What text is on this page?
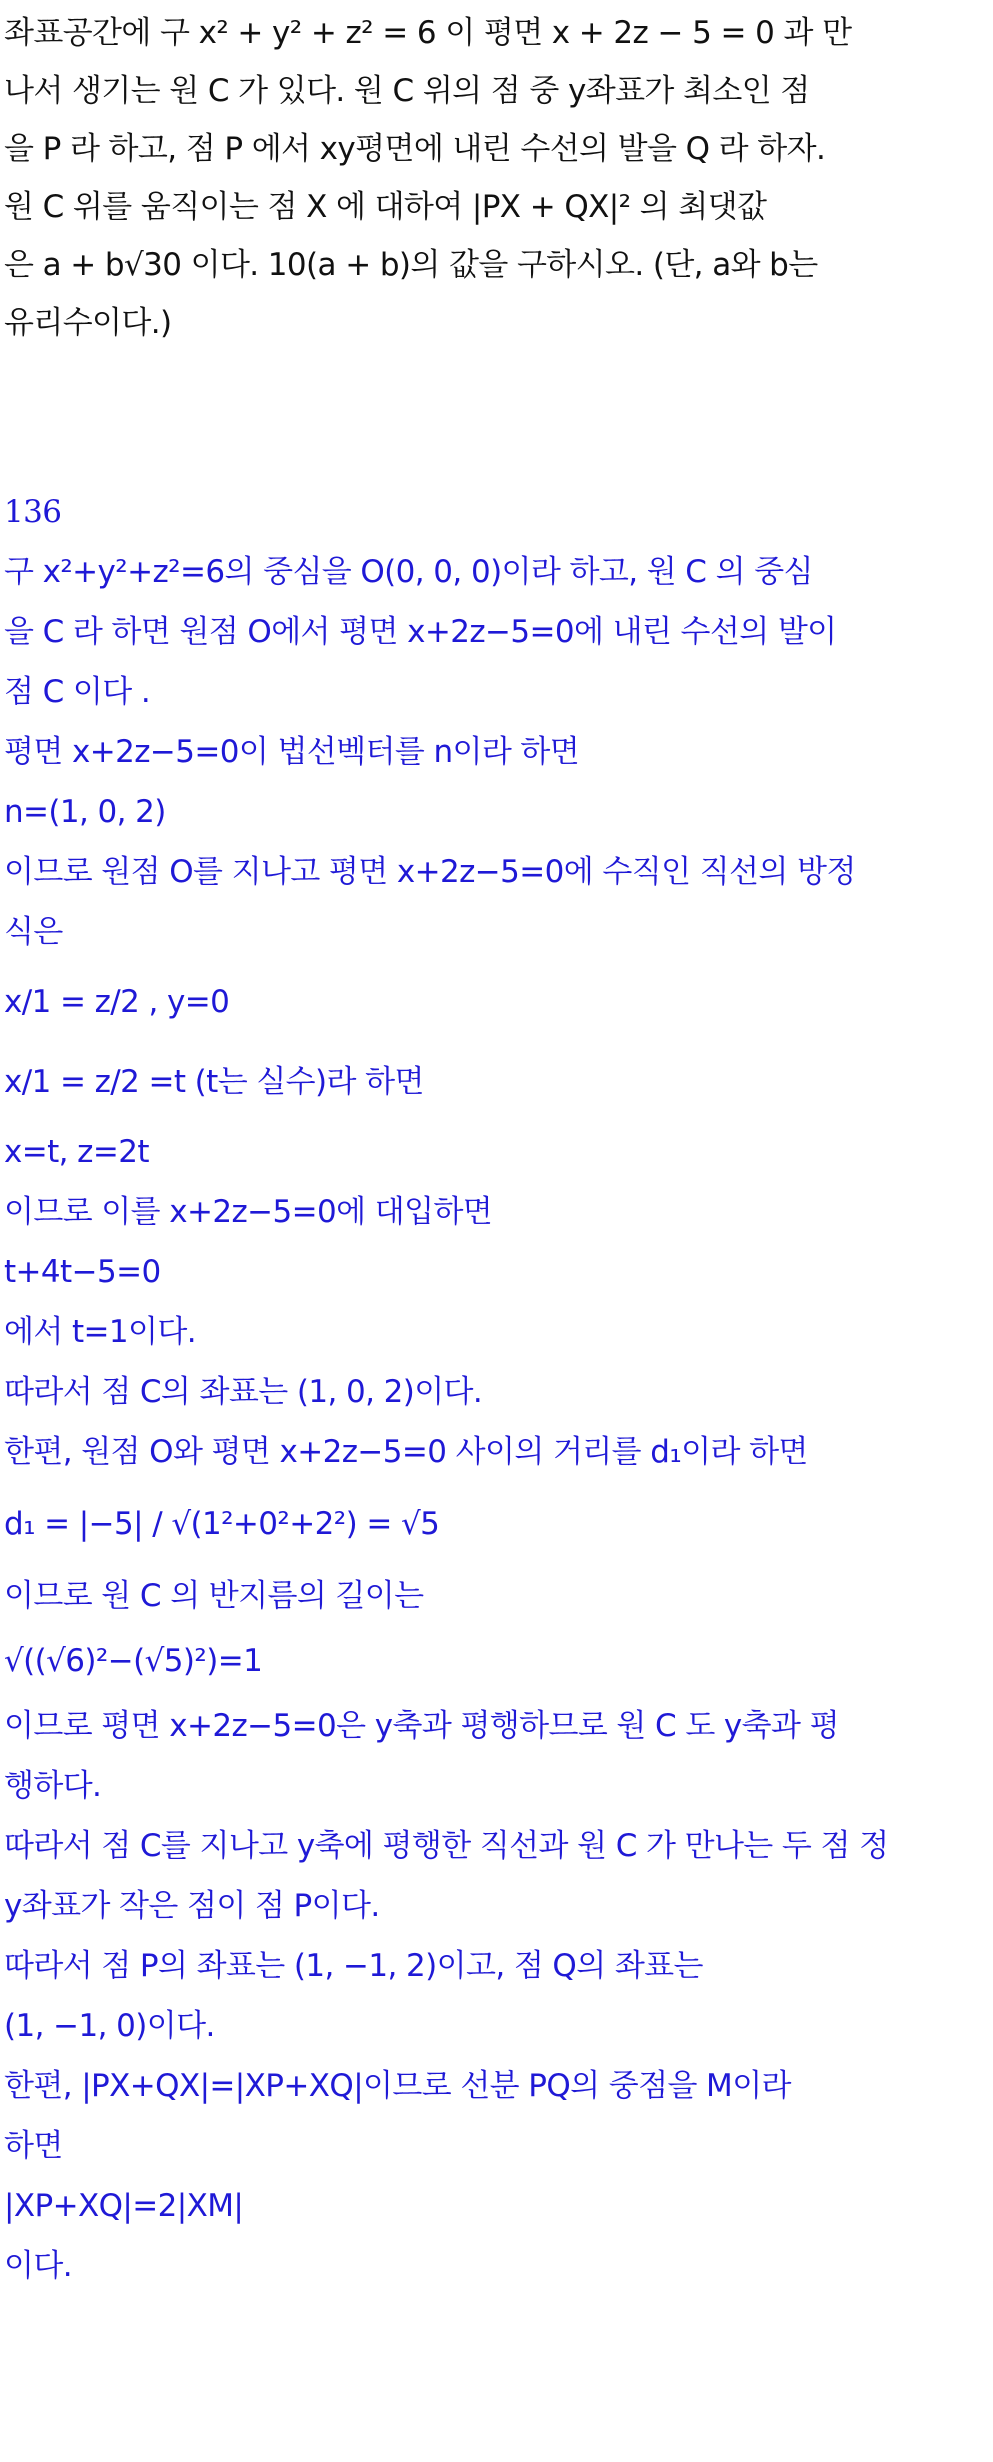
좌표공간에 구 x² + y² + z² = 6 이 평면 x + 2z − 5 = 0 과 만
나서 생기는 원 C 가 있다. 원 C 위의 점 중 y좌표가 최소인 점
을 P 라 하고, 점 P 에서 xy평면에 내린 수선의 발을 Q 라 하자.
원 C 위를 움직이는 점 X 에 대하여 |PX + QX|² 의 최댓값
은 a + b√30 이다. 10(a + b)의 값을 구하시오. (단, a와 b는
유리수이다.)
136
구 x²+y²+z²=6의 중심을 O(0, 0, 0)이라 하고, 원 C 의 중심
을 C 라 하면 원점 O에서 평면 x+2z−5=0에 내린 수선의 발이
점 C 이다 .
평면 x+2z−5=0이 법선벡터를 n이라 하면
n=(1, 0, 2)
이므로 원점 O를 지나고 평면 x+2z−5=0에 수직인 직선의 방정
식은
x/1 = z/2 , y=0
x/1 = z/2 =t (t는 실수)라 하면
x=t, z=2t
이므로 이를 x+2z−5=0에 대입하면
t+4t−5=0
에서 t=1이다.
따라서 점 C의 좌표는 (1, 0, 2)이다.
한편, 원점 O와 평면 x+2z−5=0 사이의 거리를 d₁이라 하면
d₁ = |−5| / √(1²+0²+2²) = √5
이므로 원 C 의 반지름의 길이는
√((√6)²−(√5)²)=1
이므로 평면 x+2z−5=0은 y축과 평행하므로 원 C 도 y축과 평
행하다.
따라서 점 C를 지나고 y축에 평행한 직선과 원 C 가 만나는 두 점 정
y좌표가 작은 점이 점 P이다.
따라서 점 P의 좌표는 (1, −1, 2)이고, 점 Q의 좌표는
(1, −1, 0)이다.
한편, |PX+QX|=|XP+XQ|이므로 선분 PQ의 중점을 M이라
하면
|XP+XQ|=2|XM|
이다.
